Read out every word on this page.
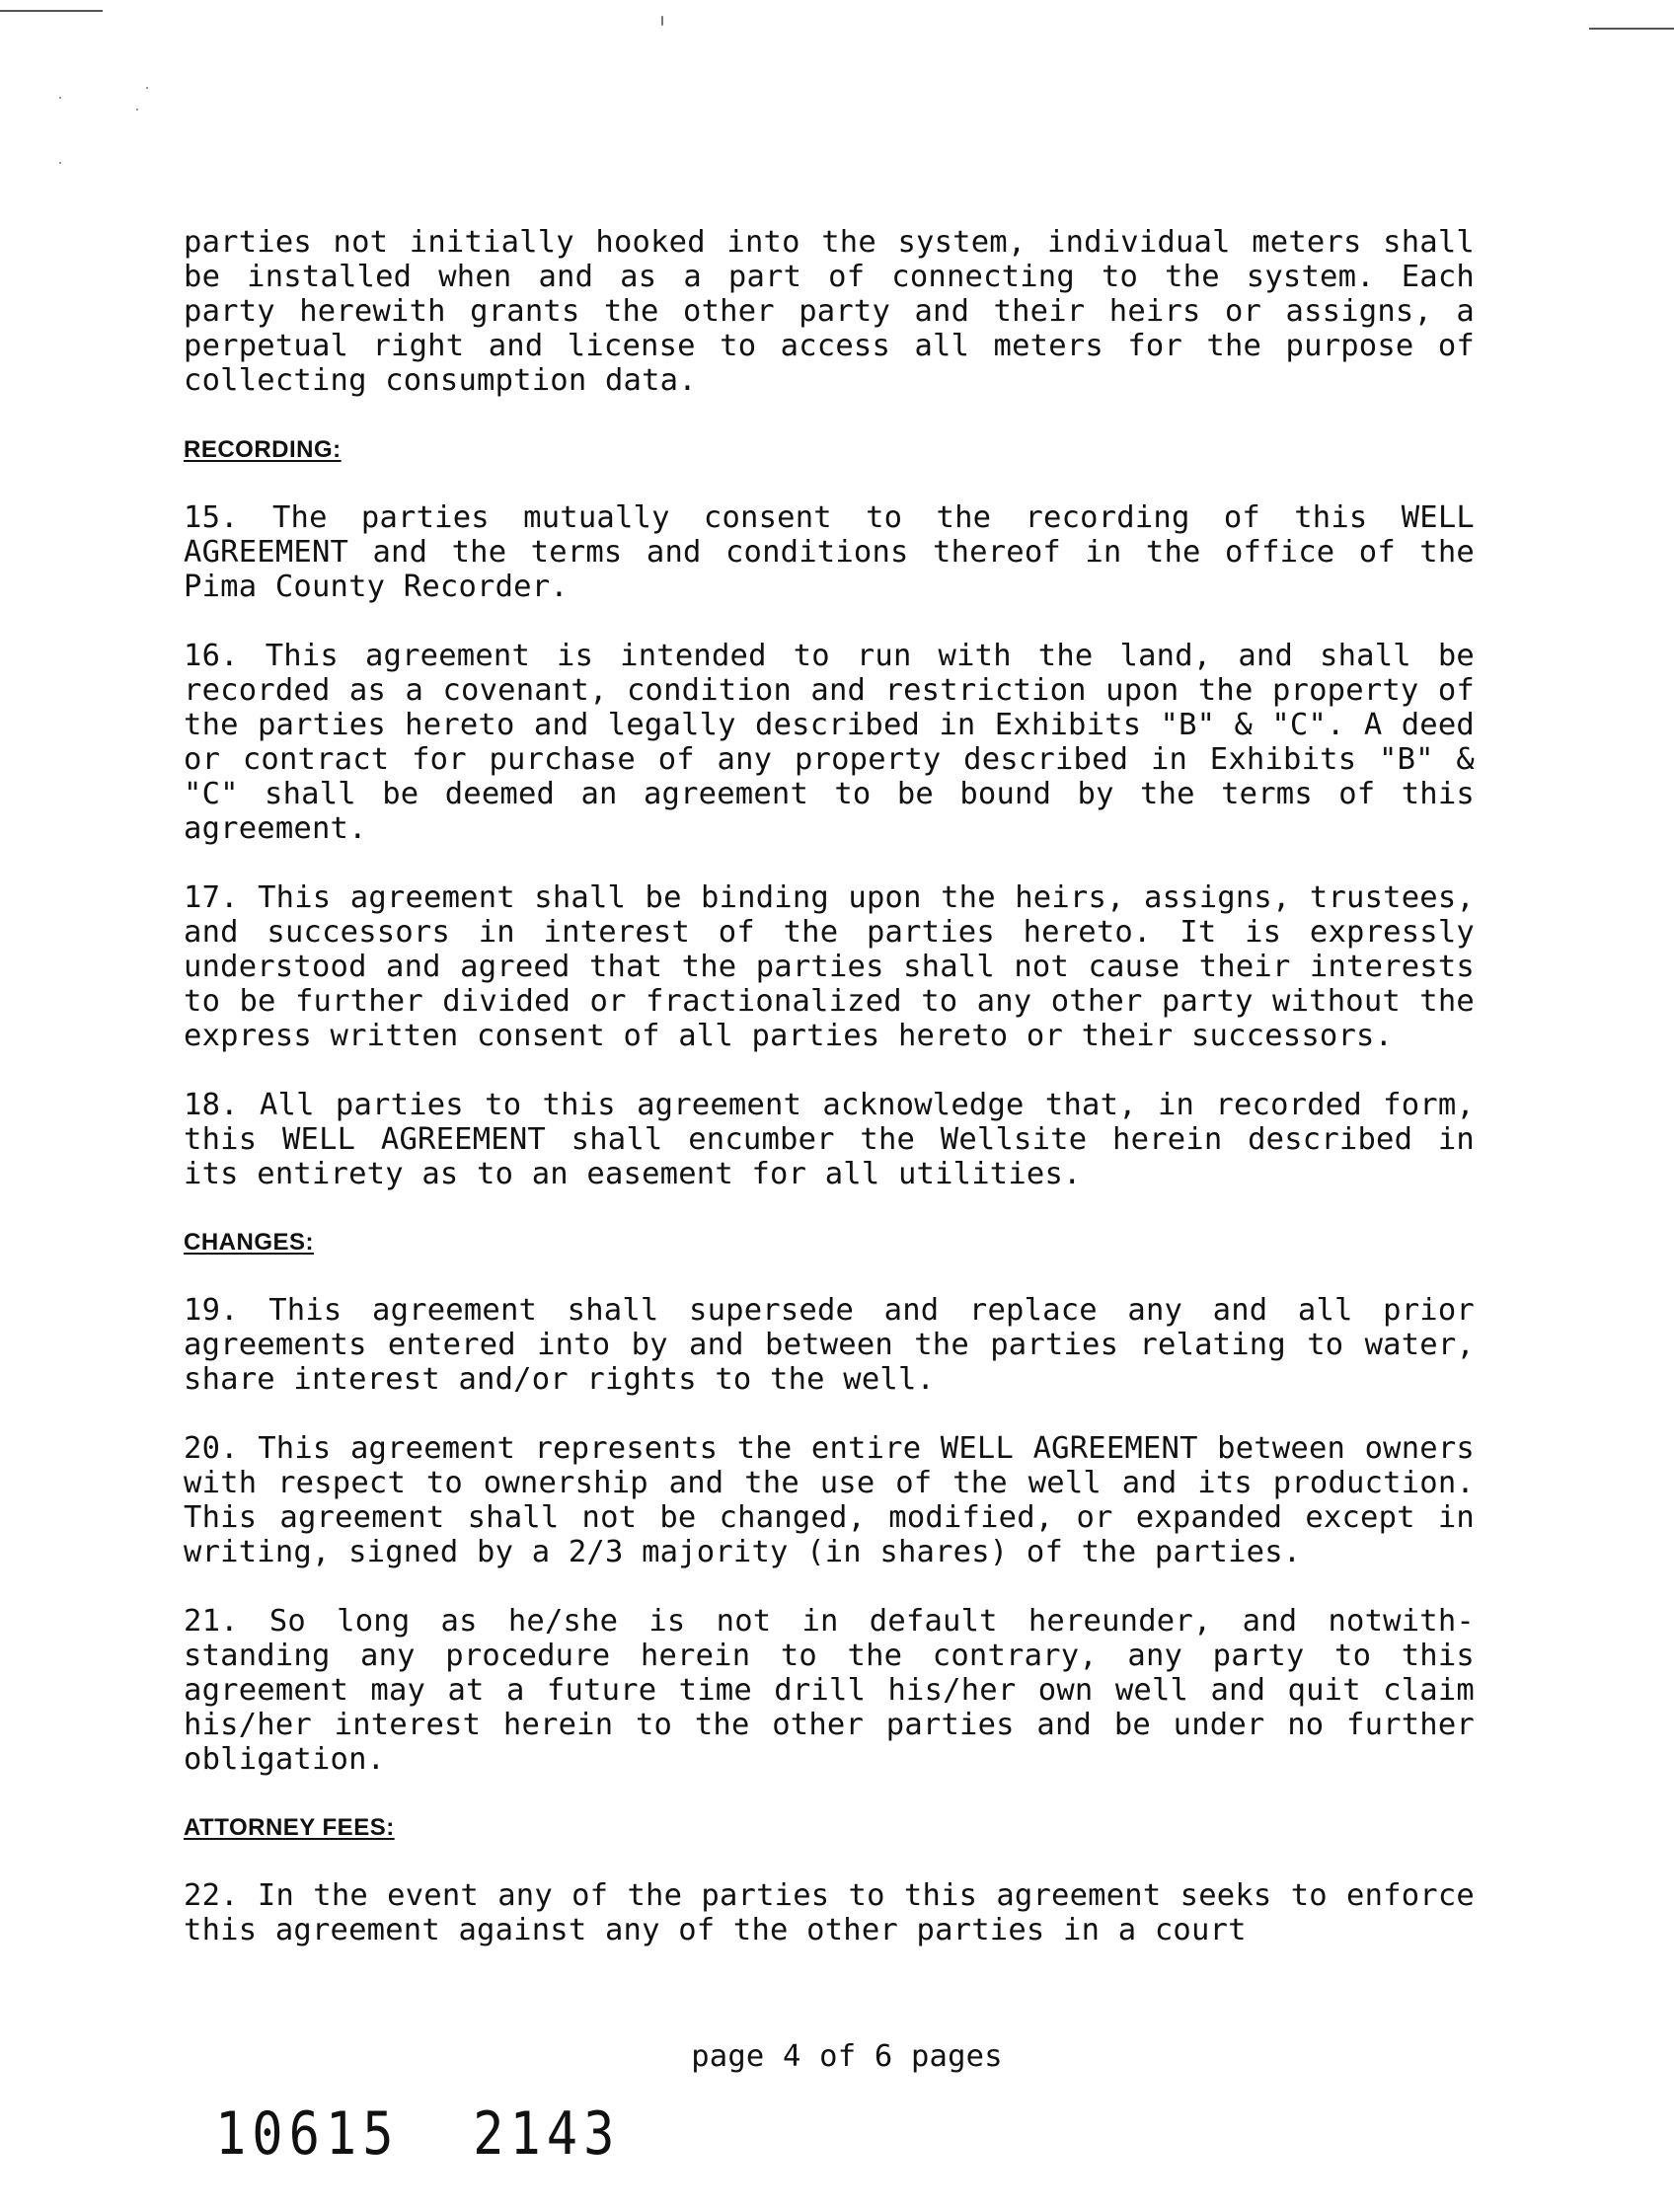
parties not initially hooked into the system, individual meters shall be installed when and as a part of connecting to the system. Each party herewith grants the other party and their heirs or assigns, a perpetual right and license to access all meters for the purpose of collecting consumption data.

RECORDING:

15. The parties mutually consent to the recording of this WELL AGREEMENT and the terms and conditions thereof in the office of the Pima County Recorder.

16. This agreement is intended to run with the land, and shall be recorded as a covenant, condition and restriction upon the property of the parties hereto and legally described in Exhibits "B" & "C". A deed or contract for purchase of any property described in Exhibits "B" & "C" shall be deemed an agreement to be bound by the terms of this agreement.

17. This agreement shall be binding upon the heirs, assigns, trustees, and successors in interest of the parties hereto. It is expressly understood and agreed that the parties shall not cause their interests to be further divided or fractionalized to any other party without the express written consent of all parties hereto or their successors.

18. All parties to this agreement acknowledge that, in recorded form, this WELL AGREEMENT shall encumber the Wellsite herein described in its entirety as to an easement for all utilities.

CHANGES:

19. This agreement shall supersede and replace any and all prior agreements entered into by and between the parties relating to water, share interest and/or rights to the well.

20. This agreement represents the entire WELL AGREEMENT between owners with respect to ownership and the use of the well and its production. This agreement shall not be changed, modified, or expanded except in writing, signed by a 2/3 majority (in shares) of the parties.

21. So long as he/she is not in default hereunder, and notwith-standing any procedure herein to the contrary, any party to this agreement may at a future time drill his/her own well and quit claim his/her interest herein to the other parties and be under no further obligation.

ATTORNEY FEES:

22. In the event any of the parties to this agreement seeks to enforce this agreement against any of the other parties in a court

page 4 of 6 pages
10615  2143
